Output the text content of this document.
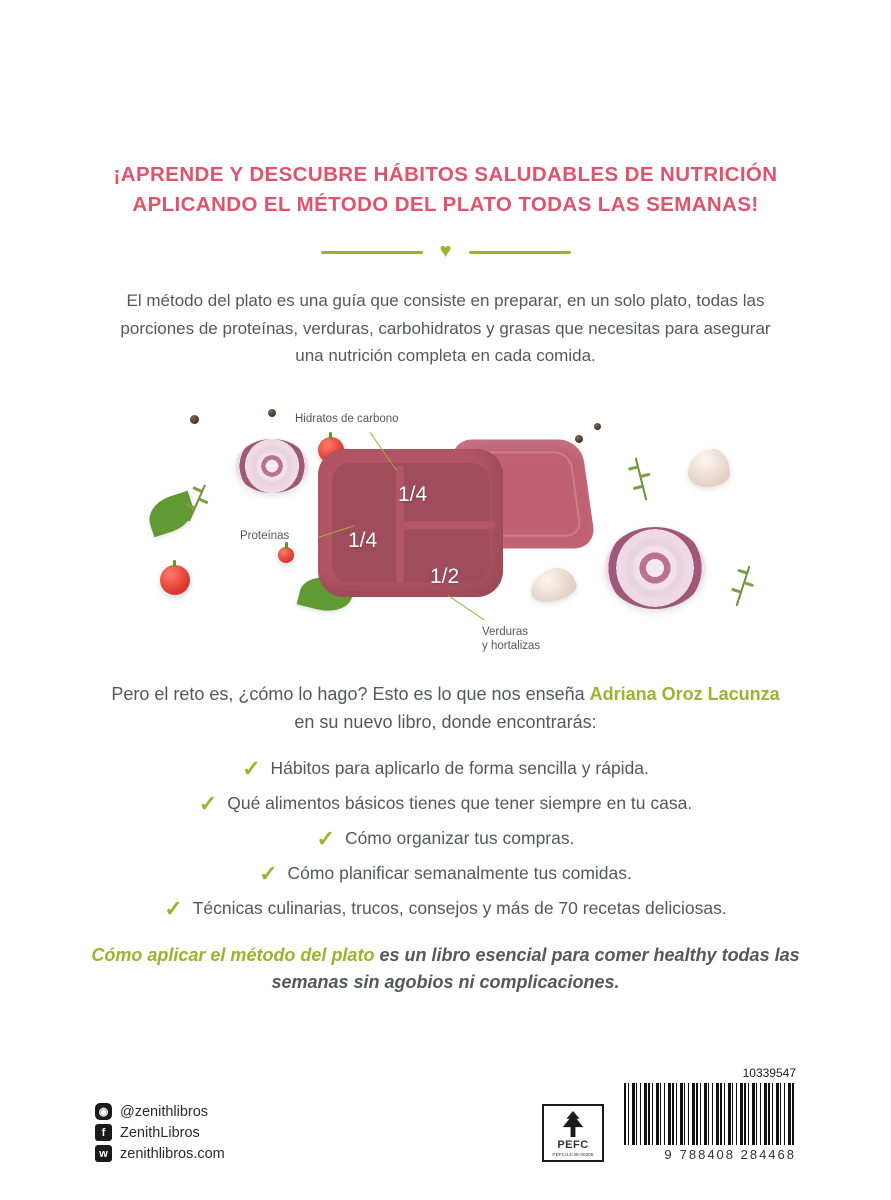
¡APRENDE Y DESCUBRE HÁBITOS SALUDABLES DE NUTRICIÓN
APLICANDO EL MÉTODO DEL PLATO TODAS LAS SEMANAS!
♥

El método del plato es una guía que consiste en preparar, en un solo plato, todas las porciones de proteínas, verduras, carbohidratos y grasas que necesitas para asegurar una nutrición completa en cada comida.

1/4
1/4
1/2
Hidratos de carbono
Proteínas
Verduras
y hortalizas

Pero el reto es, ¿cómo lo hago? Esto es lo que nos enseña Adriana Oroz Lacunza en su nuevo libro, donde encontrarás:

✓ Hábitos para aplicarlo de forma sencilla y rápida.
✓ Qué alimentos básicos tienes que tener siempre en tu casa.
✓ Cómo organizar tus compras.
✓ Cómo planificar semanalmente tus comidas.
✓ Técnicas culinarias, trucos, consejos y más de 70 recetas deliciosas.

Cómo aplicar el método del plato es un libro esencial para comer healthy todas las semanas sin agobios ni complicaciones.

◉ @zenithlibros
f	ZenithLibros
w zenithlibros.com
PEFC
PEFC/14-38-00305
10339547
9 788408 284468
